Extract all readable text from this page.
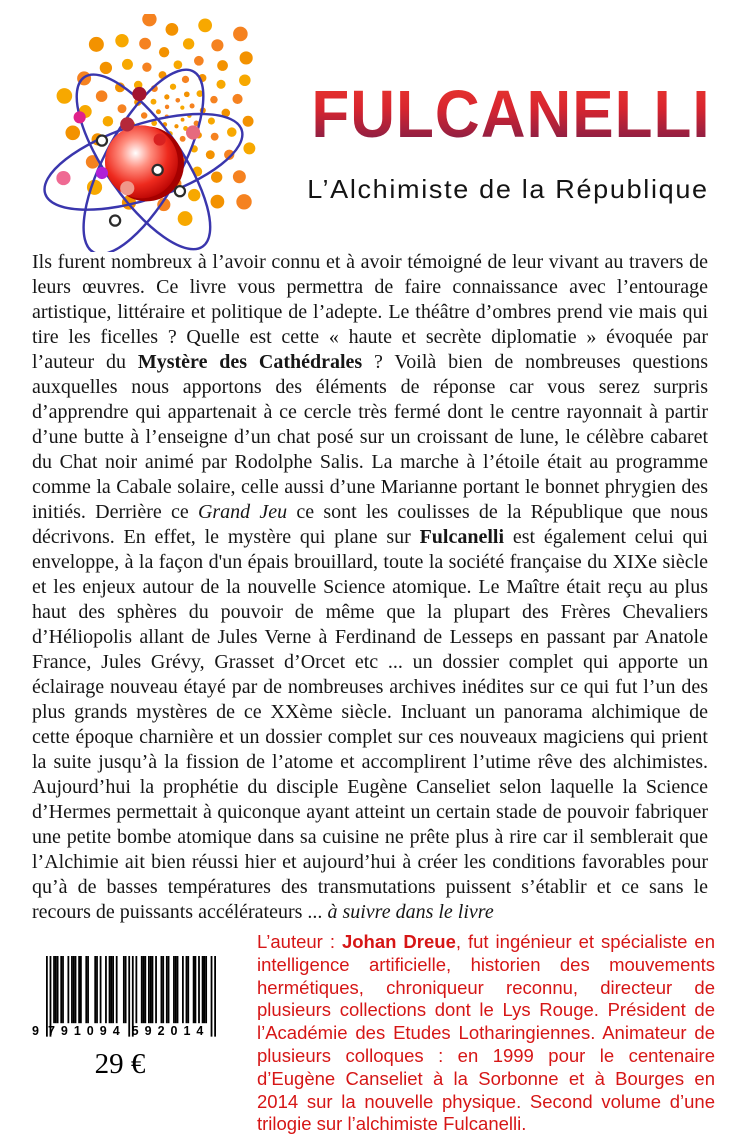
FULCANELLI
L’Alchimiste de la République
Ils furent nombreux à l’avoir connu et à avoir témoigné de leur vivant au travers de leurs œuvres. Ce livre vous permettra de faire connaissance avec l’entourage artistique, littéraire et politique de l’adepte. Le théâtre d’ombres prend vie mais qui tire les ficelles ? Quelle est cette « haute et secrète diplomatie » évoquée par l’auteur du Mystère des Cathédrales ? Voilà bien de nombreuses questions auxquelles nous apportons des éléments de réponse car vous serez surpris d’apprendre qui appartenait à ce cercle très fermé dont le centre rayonnait à partir d’une butte à l’enseigne d’un chat posé sur un croissant de lune, le célèbre cabaret du Chat noir animé par Rodolphe Salis. La marche à l’étoile était au programme comme la Cabale solaire, celle aussi d’une Marianne portant le bonnet phrygien des initiés. Derrière ce Grand Jeu ce sont les coulisses de la République que nous décrivons. En effet, le mystère qui plane sur Fulcanelli est également celui qui enveloppe, à la façon d'un épais brouillard, toute la société française du XIXe siècle et les enjeux autour de la nouvelle Science atomique. Le Maître était reçu au plus haut des sphères du pouvoir de même que la plupart des Frères Chevaliers d’Héliopolis allant de Jules Verne à Ferdinand de Lesseps en passant par Anatole France, Jules Grévy, Grasset d’Orcet etc ... un dossier complet qui apporte un éclairage nouveau étayé par de nombreuses archives inédites sur ce qui fut l’un des plus grands mystères de ce XXème siècle. Incluant un panorama alchimique de cette époque charnière et un dossier complet sur ces nouveaux magiciens qui prient la suite jusqu’à la fission de l’atome et accomplirent l’utime rêve des alchimistes. Aujourd’hui la prophétie du disciple Eugène Canseliet selon laquelle la Science d’Hermes permettait à quiconque ayant atteint un certain stade de pouvoir fabriquer une petite bombe atomique dans sa cuisine ne prête plus à rire car il semblerait que l’Alchimie ait bien réussi hier et aujourd’hui à créer les conditions favorables pour qu’à de basses températures des transmutations puissent s’établir et ce sans le recours de puissants accélérateurs ... à suivre dans le livre
9 791094 592014
29 €
L’auteur : Johan Dreue, fut ingénieur et spécialiste en intelligence artificielle, historien des mouvements hermétiques, chroniqueur reconnu, directeur de plusieurs collections dont le Lys Rouge. Président de l’Académie des Etudes Lotharingiennes. Animateur de plusieurs colloques : en 1999 pour le centenaire d’Eugène Canseliet à la Sorbonne et à Bourges en 2014 sur la nouvelle physique. Second volume d’une trilogie sur l’alchimiste Fulcanelli.
